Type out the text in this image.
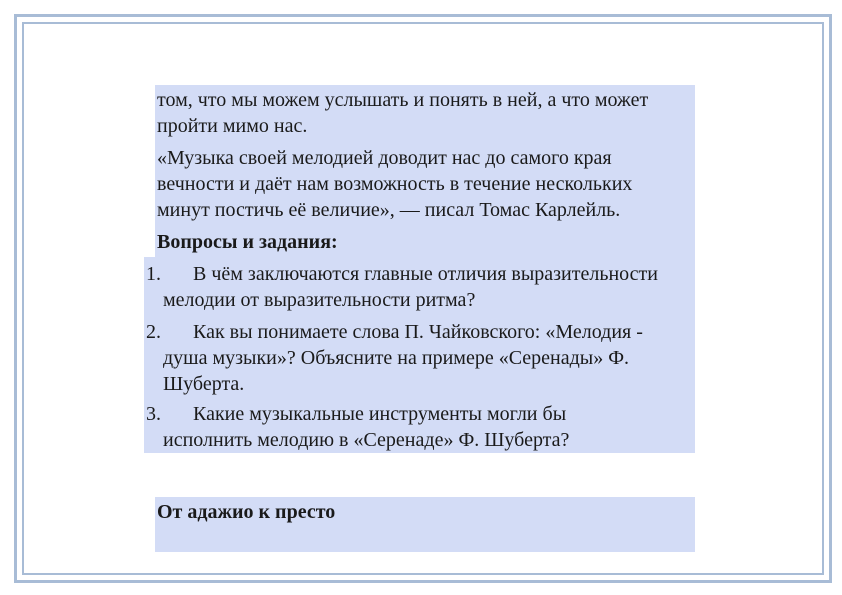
том, что мы можем услышать и понять в ней, а что может
пройти мимо нас.
«Музыка своей мелодией доводит нас до самого края
вечности и даёт нам возможность в течение нескольких
минут постичь её величие», — писал Томас Карлейль.
Вопросы и задания:
1. В чём заключаются главные отличия выразительности
мелодии от выразительности ритма?
2. Как вы понимаете слова П. Чайковского: «Мелодия -
душа музыки»? Объясните на примере «Серенады» Ф.
Шуберта.
3. Какие музыкальные инструменты могли бы
исполнить мелодию в «Серенаде» Ф. Шуберта?
От адажио к престо
